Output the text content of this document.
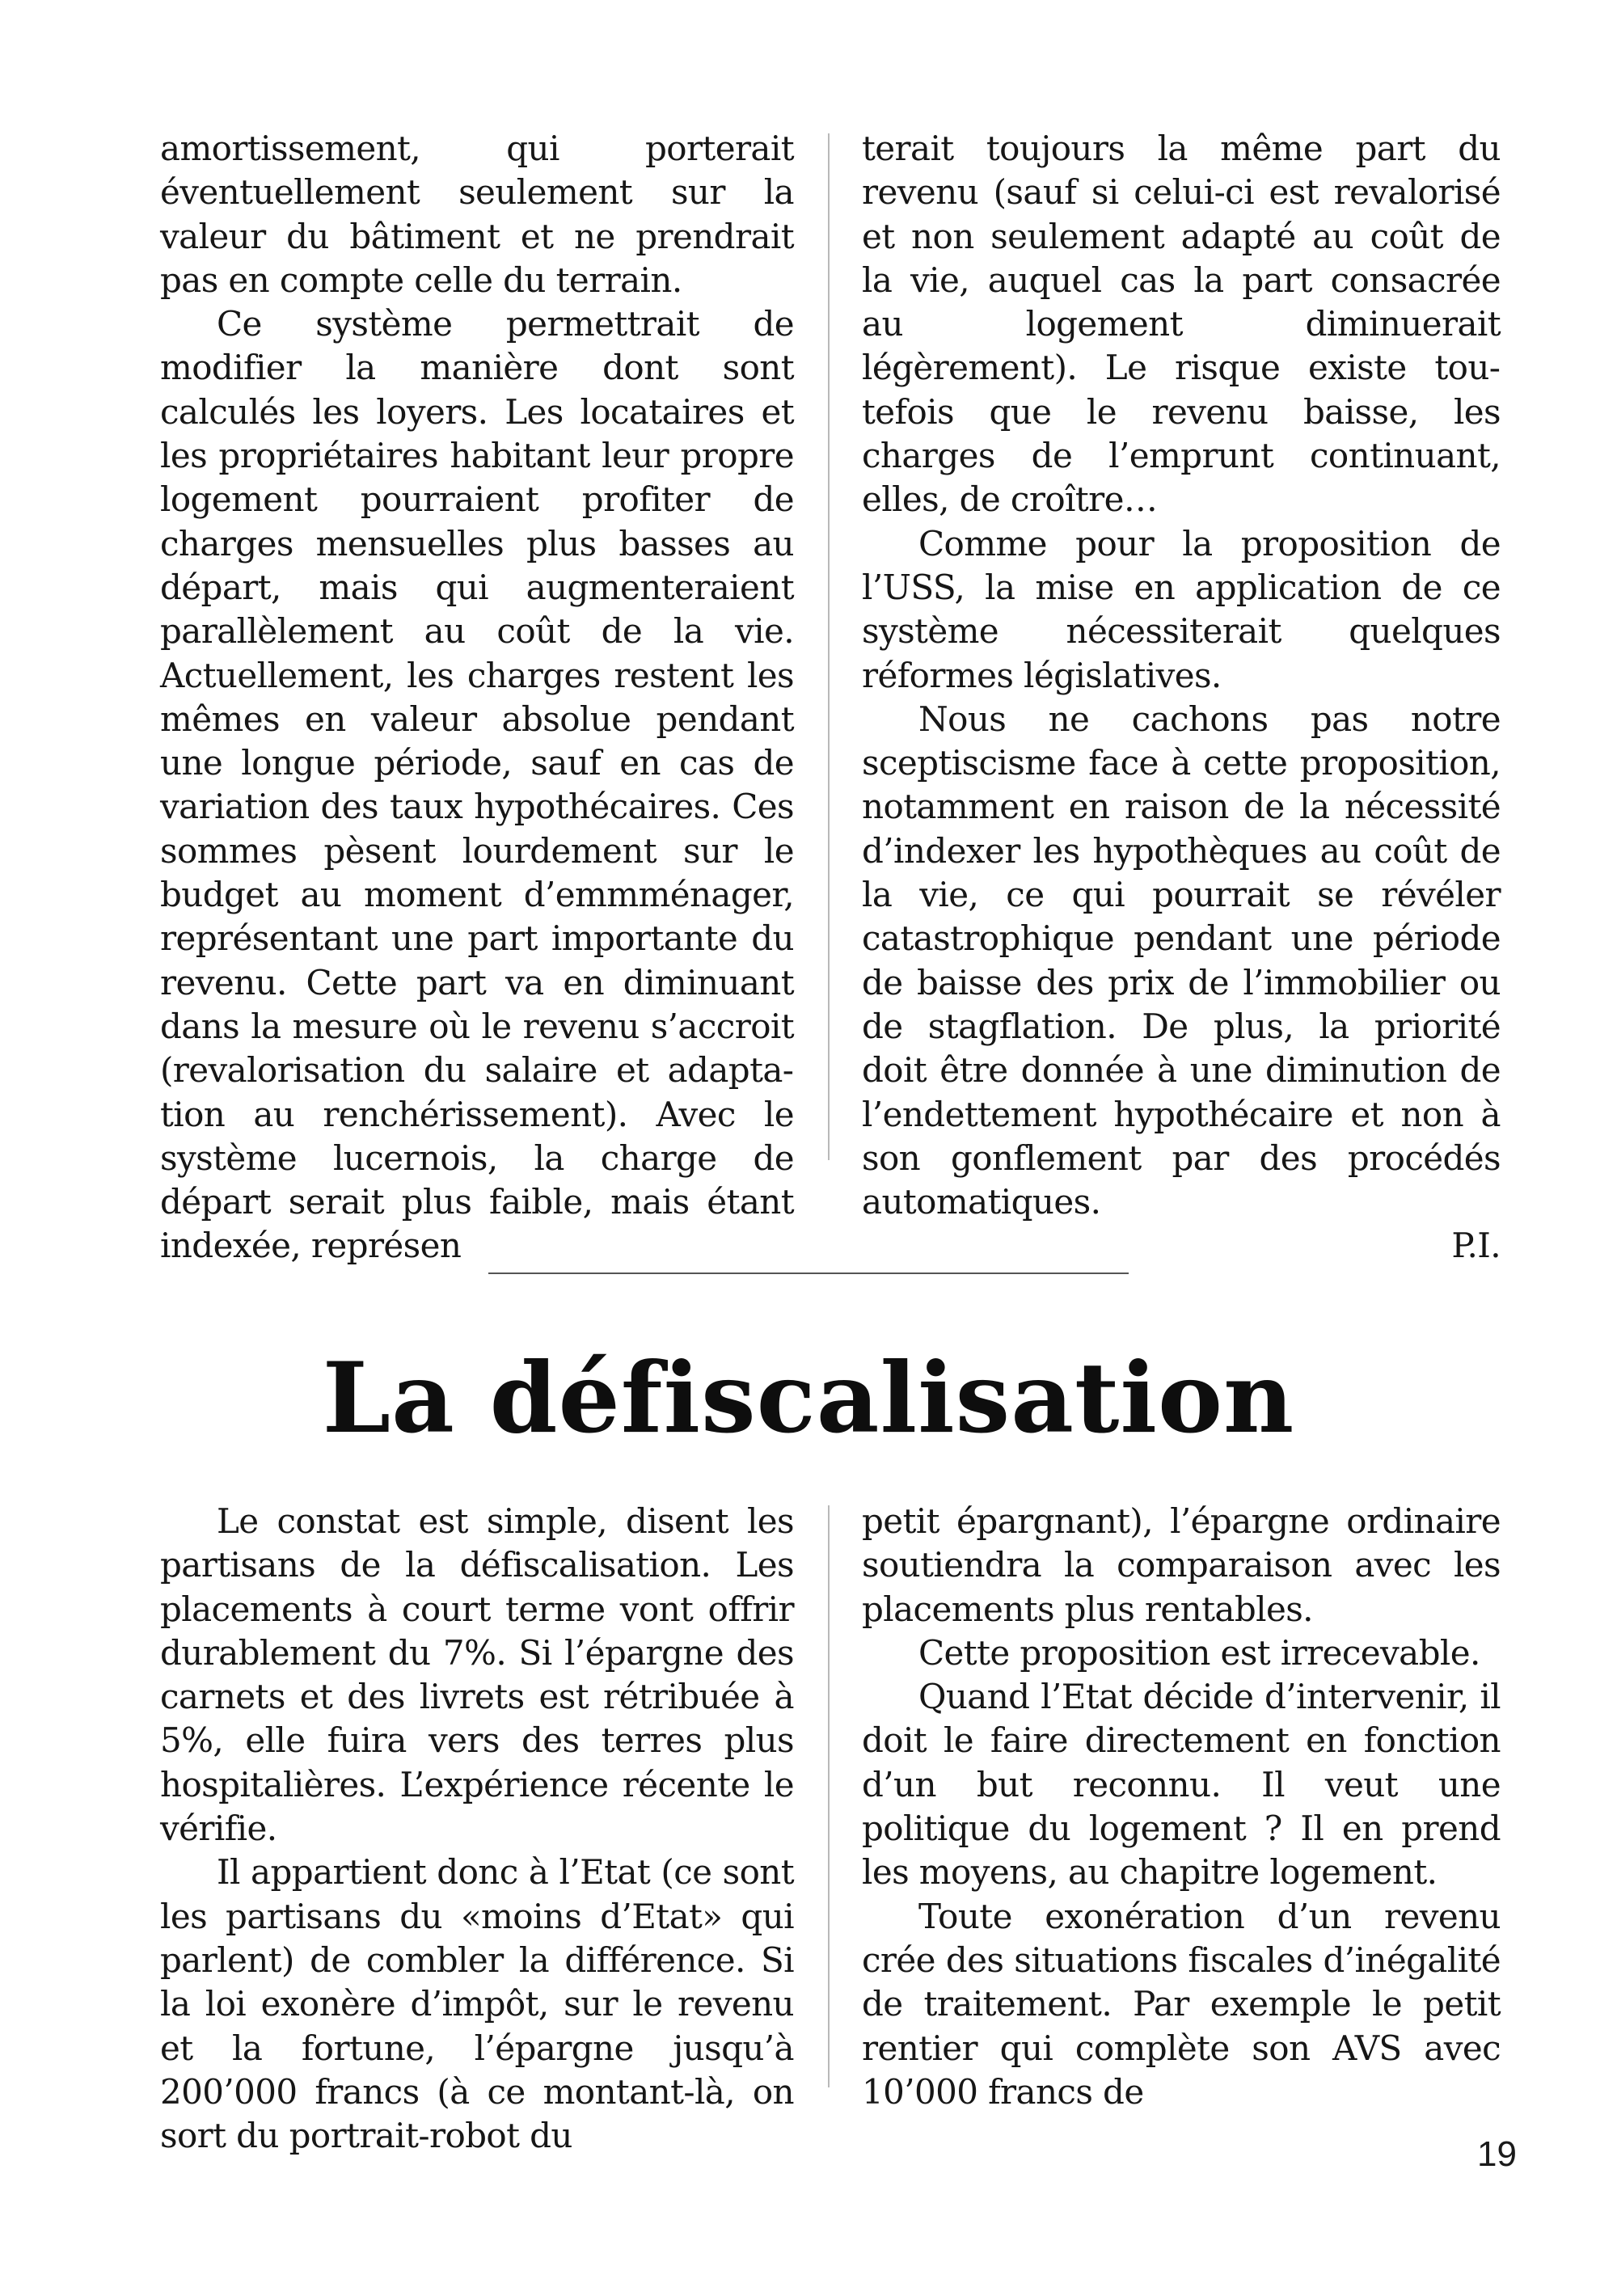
amortissement, qui porterait éventuellement seulement sur la valeur du bâtiment et ne prendrait pas en compte celle du terrain.

Ce système permettrait de modifier la manière dont sont calculés les loyers. Les locataires et les propriétaires habitant leur propre logement pourraient profiter de charges mensuelles plus basses au départ, mais qui augmenteraient parallèlement au coût de la vie. Actuellement, les charges restent les mêmes en valeur absolue pendant une longue période, sauf en cas de variation des taux hypothécaires. Ces sommes pèsent lourdement sur le budget au moment d’emmménager, représentant une part importante du revenu. Cette part va en diminuant dans la mesure où le revenu s’accroit (revalorisation du salaire et adaptation au renchérissement). Avec le système lucernois, la charge de départ serait plus faible, mais étant indexée, représen

terait toujours la même part du revenu (sauf si celui-ci est revalorisé et non seulement adapté au coût de la vie, auquel cas la part consacrée au logement diminuerait légèrement). Le risque existe toutefois que le revenu baisse, les charges de l’emprunt continuant, elles, de croître…

Comme pour la proposition de l’USS, la mise en application de ce système nécessiterait quelques réformes législatives.

Nous ne cachons pas notre sceptiscisme face à cette proposition, notamment en raison de la nécessité d’indexer les hypothèques au coût de la vie, ce qui pourrait se révéler catastrophique pendant une période de baisse des prix de l’immobilier ou de stagflation. De plus, la priorité doit être donnée à une diminution de l’endettement hypothécaire et non à son gonflement par des procédés automatiques.

P.I.

La défiscalisation

Le constat est simple, disent les partisans de la défiscalisation. Les placements à court terme vont offrir durablement du 7%. Si l’épargne des carnets et des livrets est rétribuée à 5%, elle fuira vers des terres plus hospitalières. L’expérience récente le vérifie.

Il appartient donc à l’Etat (ce sont les partisans du «moins d’Etat» qui parlent) de combler la différence. Si la loi exonère d’impôt, sur le revenu et la fortune, l’épargne jusqu’à 200’000 francs (à ce montant-là, on sort du portrait-robot du

petit épargnant), l’épargne ordinaire soutiendra la comparaison avec les placements plus rentables.

Cette proposition est irrecevable.

Quand l’Etat décide d’intervenir, il doit le faire directement en fonction d’un but reconnu. Il veut une politique du logement ? Il en prend les moyens, au chapitre logement.

Toute exonération d’un revenu crée des situations fiscales d’inégalité de traitement. Par exemple le petit rentier qui complète son AVS avec 10’000 francs de

19
